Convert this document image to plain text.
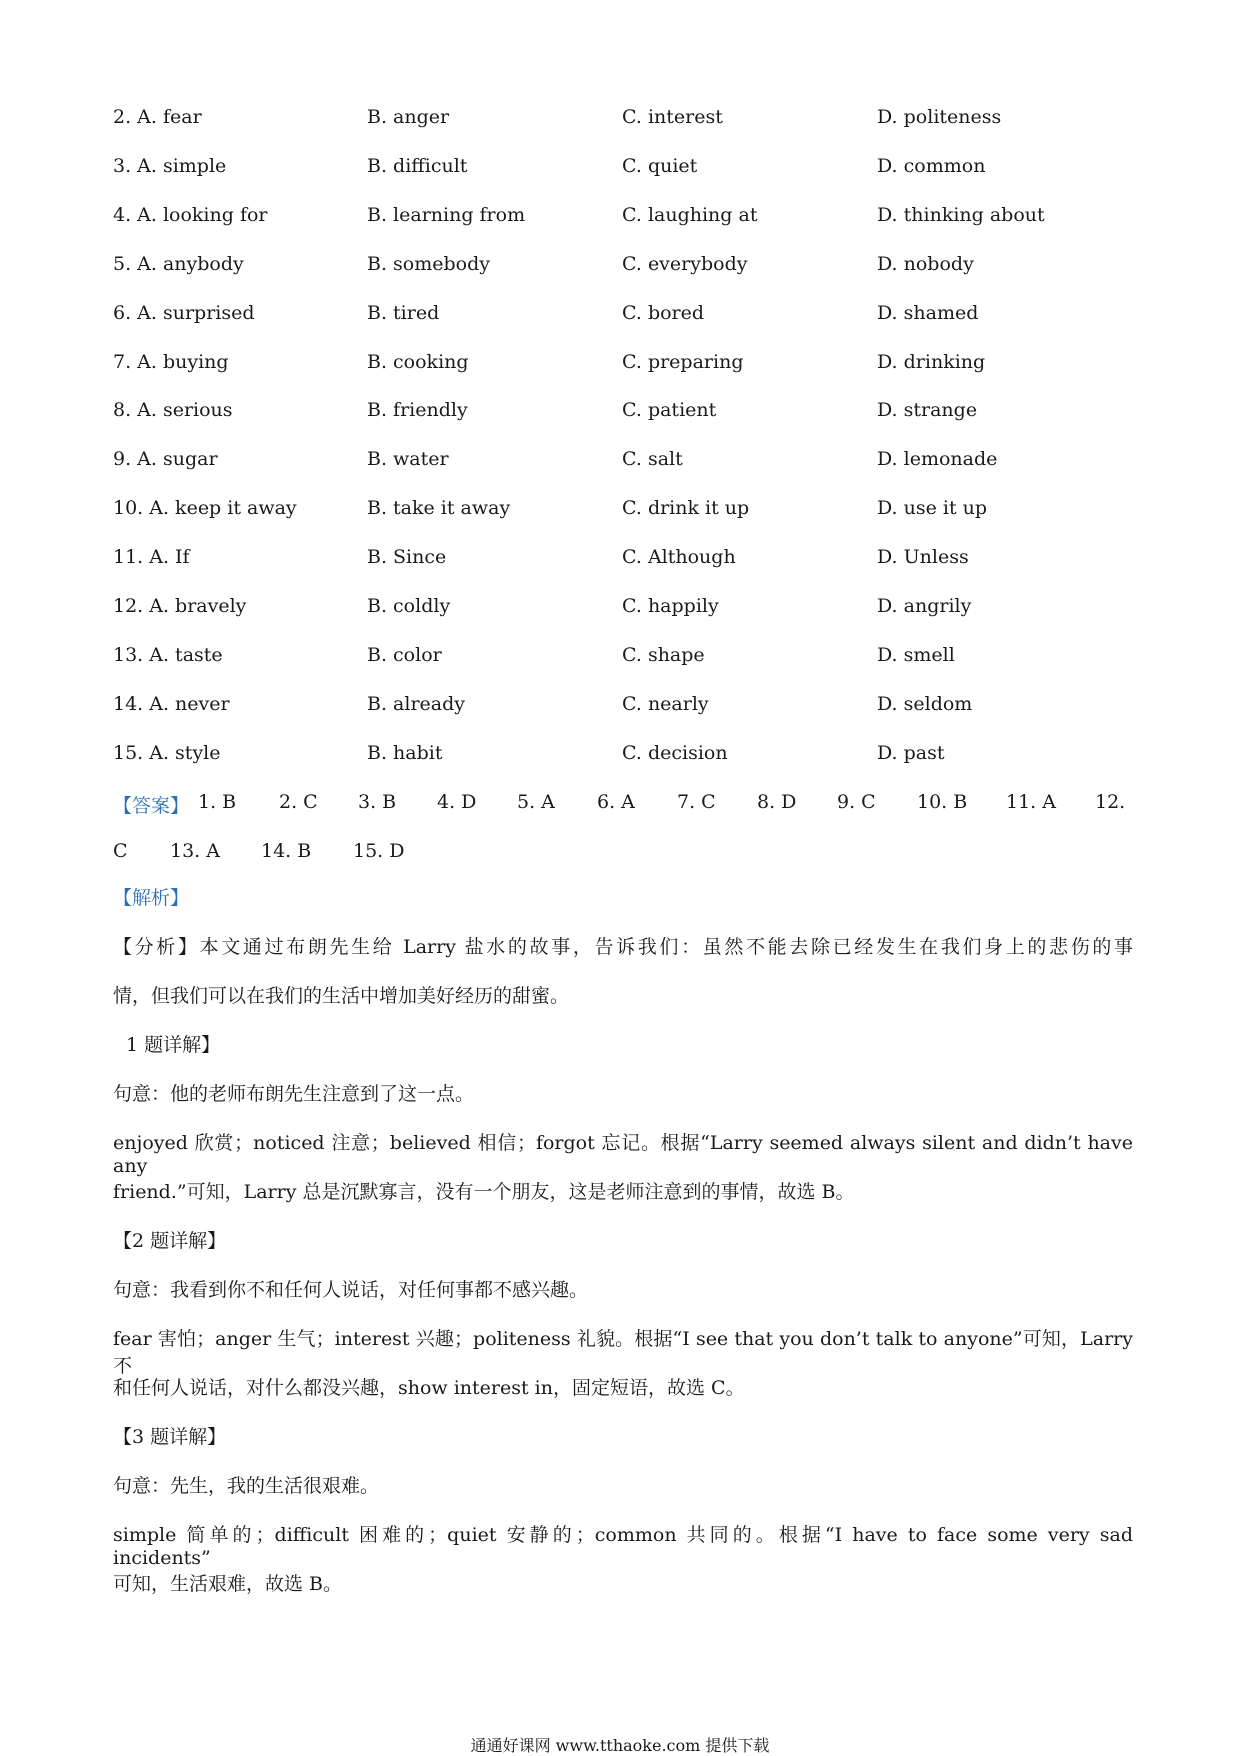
2. A. fear	B. anger	C. interest	D. politeness
3. A. simple	B. difficult	C. quiet	D. common
4. A. looking for	B. learning from	C. laughing at	D. thinking about
5. A. anybody	B. somebody	C. everybody	D. nobody
6. A. surprised	B. tired	C. bored	D. shamed
7. A. buying	B. cooking	C. preparing	D. drinking
8. A. serious	B. friendly	C. patient	D. strange
9. A. sugar	B. water	C. salt	D. lemonade
10. A. keep it away	B. take it away	C. drink it up	D. use it up
11. A. If	B. Since	C. Although	D. Unless
12. A. bravely	B. coldly	C. happily	D. angrily
13. A. taste	B. color	C. shape	D. smell
14. A. never	B. already	C. nearly	D. seldom
15. A. style	B. habit	C. decision	D. past
【答案】 1. B 2. C 3. B 4. D 5. A 6. A 7. C 8. D 9. C 10. B 11. A 12.
C 13. A 14. B 15. D
【解析】
【分析】本文通过布朗先生给 Larry 盐水的故事，告诉我们：虽然不能去除已经发生在我们身上的悲伤的事
情，但我们可以在我们的生活中增加美好经历的甜蜜。
1 题详解】
句意：他的老师布朗先生注意到了这一点。
enjoyed 欣赏；noticed 注意；believed 相信；forgot 忘记。根据“Larry seemed always silent and didn’t have any
friend.”可知，Larry 总是沉默寡言，没有一个朋友，这是老师注意到的事情，故选 B。
【2 题详解】
句意：我看到你不和任何人说话，对任何事都不感兴趣。
fear 害怕；anger 生气；interest 兴趣；politeness 礼貌。根据“I see that you don’t talk to anyone”可知，Larry 不
和任何人说话，对什么都没兴趣，show interest in，固定短语，故选 C。
【3 题详解】
句意：先生，我的生活很艰难。
simple 简单的；difficult 困难的；quiet 安静的；common 共同的。根据“I have to face some very sad incidents”
可知，生活艰难，故选 B。
通通好课网 www.tthaoke.com 提供下载
